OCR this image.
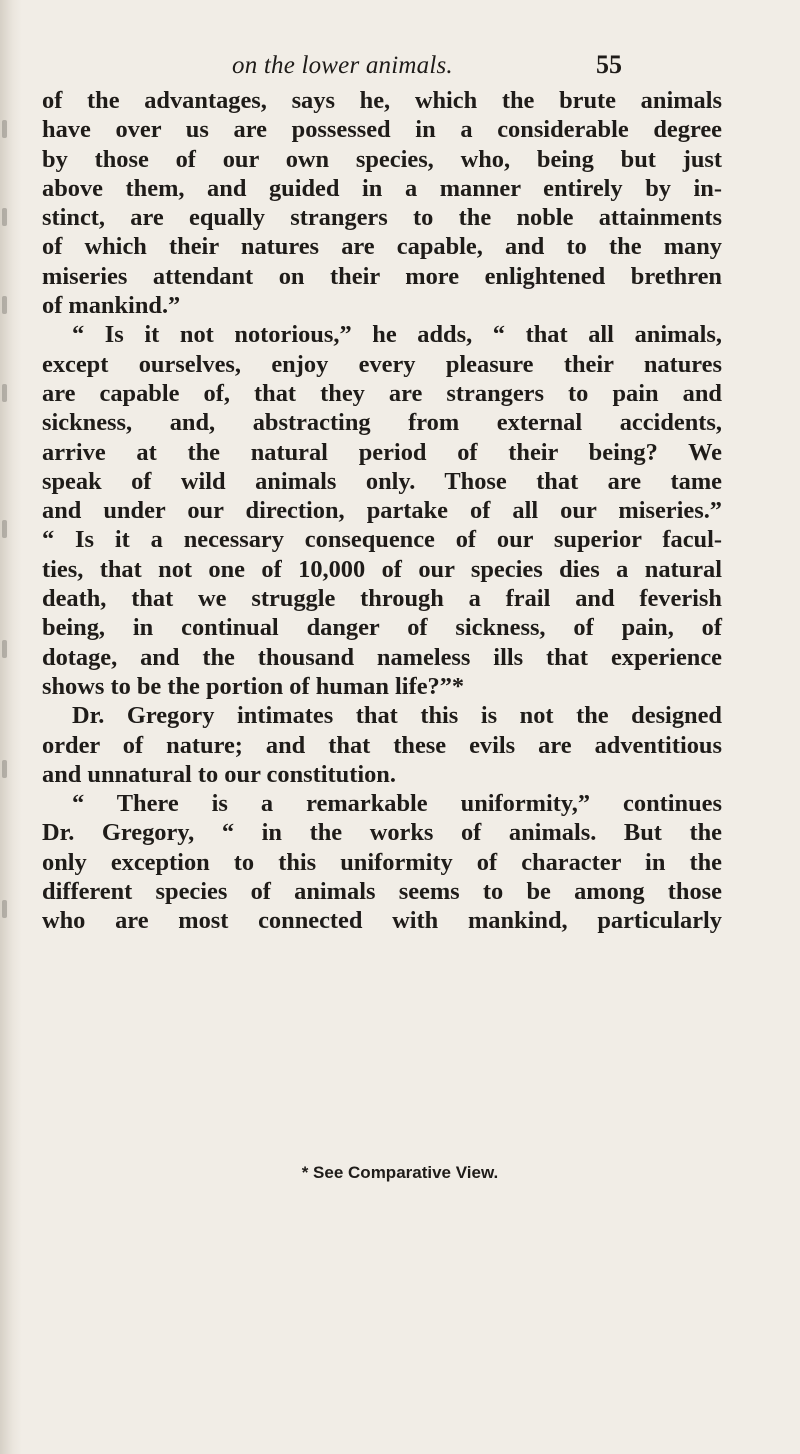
on the lower animals.	55
of the advantages, says he, which the brute animals
have over us are possessed in a considerable degree
by those of our own species, who, being but just
above them, and guided in a manner entirely by in-
stinct, are equally strangers to the noble attainments
of which their natures are capable, and to the many
miseries attendant on their more enlightened brethren
of mankind.”
“ Is it not notorious,” he adds, “ that all animals,
except ourselves, enjoy every pleasure their natures
are capable of, that they are strangers to pain and
sickness, and, abstracting from external accidents,
arrive at the natural period of their being? We
speak of wild animals only. Those that are tame
and under our direction, partake of all our miseries.”
“ Is it a necessary consequence of our superior facul-
ties, that not one of 10,000 of our species dies a natural
death, that we struggle through a frail and feverish
being, in continual danger of sickness, of pain, of
dotage, and the thousand nameless ills that experience
shows to be the portion of human life?”*
Dr. Gregory intimates that this is not the designed
order of nature; and that these evils are adventitious
and unnatural to our constitution.
“ There is a remarkable uniformity,” continues
Dr. Gregory, “ in the works of animals. But the
only exception to this uniformity of character in the
different species of animals seems to be among those
who are most connected with mankind, particularly
* See Comparative View.
